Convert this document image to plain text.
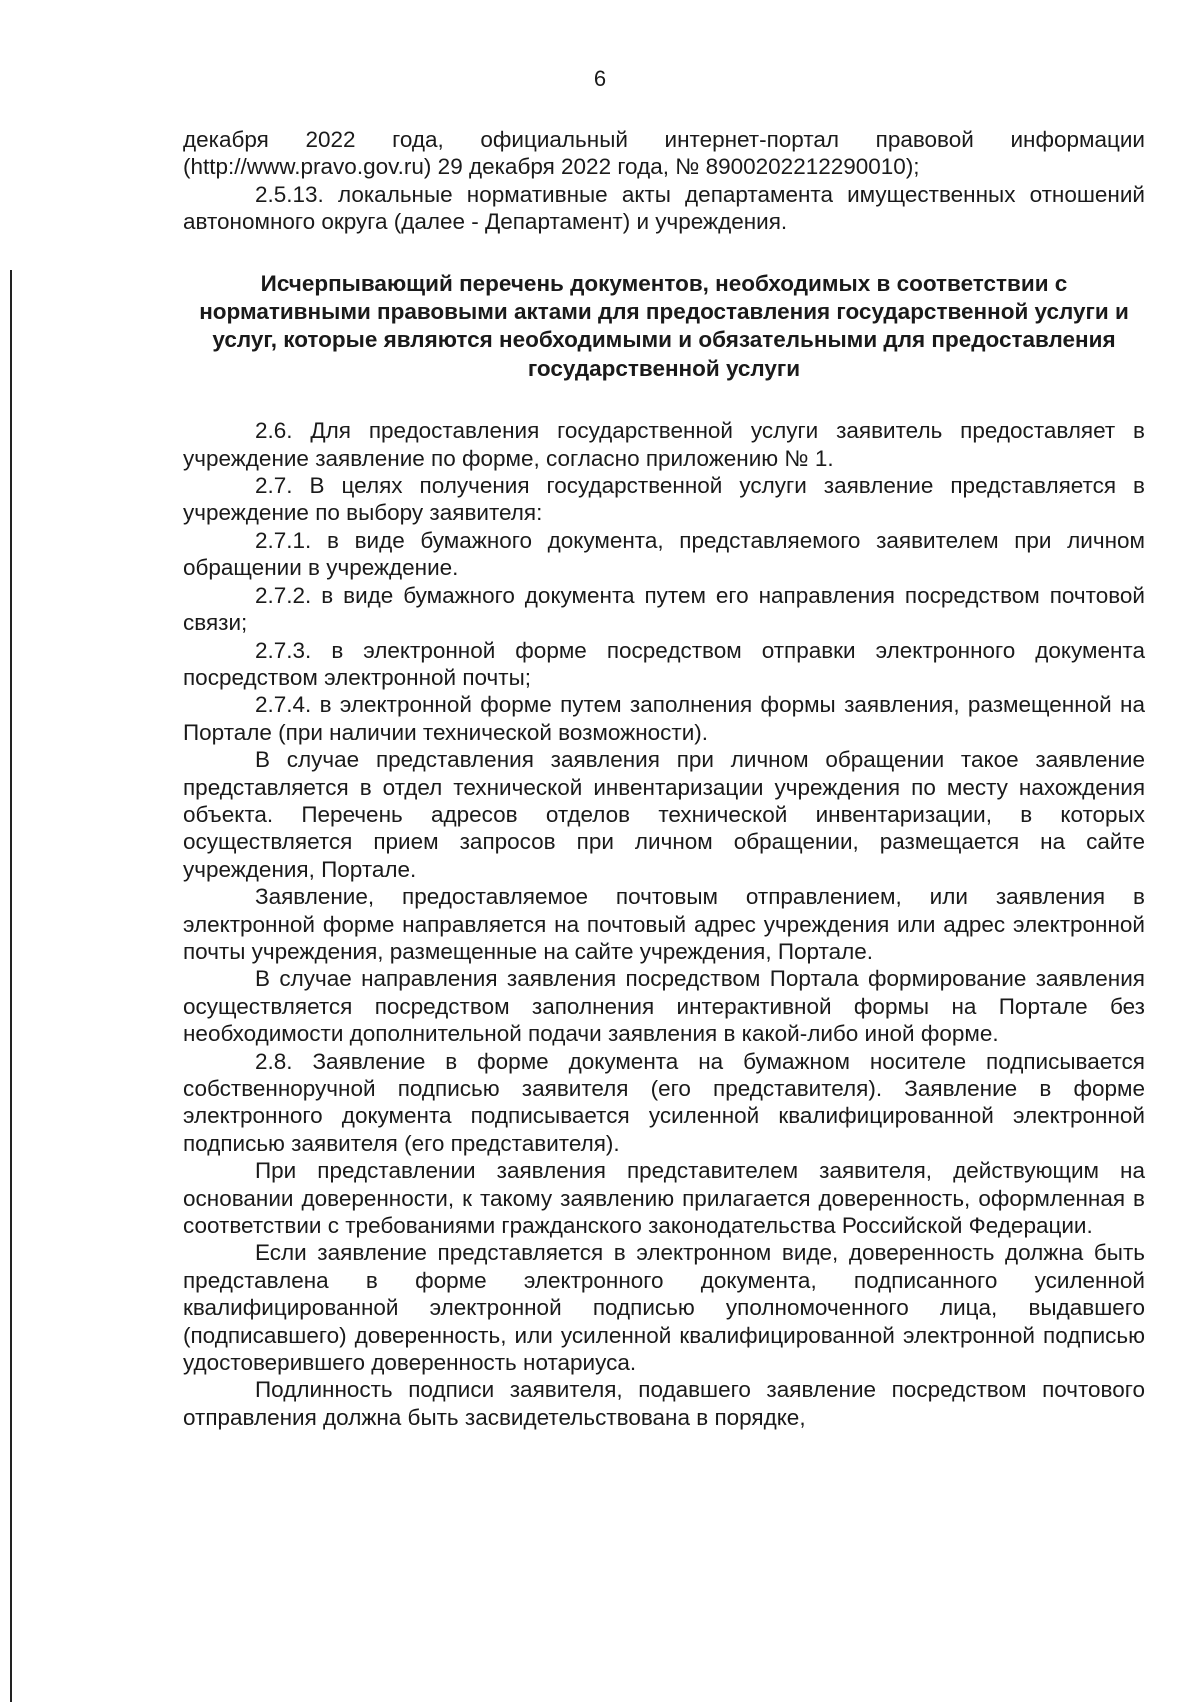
6

декабря 2022 года, официальный интернет-портал правовой информации (http://www.pravo.gov.ru) 29 декабря 2022 года, № 8900202212290010);

2.5.13. локальные нормативные акты департамента имущественных отношений автономного округа (далее - Департамент) и учреждения.

Исчерпывающий перечень документов, необходимых в соответствии с нормативными правовыми актами для предоставления государственной услуги и услуг, которые являются необходимыми и обязательными для предоставления государственной услуги

2.6. Для предоставления государственной услуги заявитель предоставляет в учреждение заявление по форме, согласно приложению № 1.

2.7. В целях получения государственной услуги заявление представляется в учреждение по выбору заявителя:

2.7.1. в виде бумажного документа, представляемого заявителем при личном обращении в учреждение.

2.7.2. в виде бумажного документа путем его направления посредством почтовой связи;

2.7.3. в электронной форме посредством отправки электронного документа посредством электронной почты;

2.7.4. в электронной форме путем заполнения формы заявления, размещенной на Портале (при наличии технической возможности).

В случае представления заявления при личном обращении такое заявление представляется в отдел технической инвентаризации учреждения по месту нахождения объекта. Перечень адресов отделов технической инвентаризации, в которых осуществляется прием запросов при личном обращении, размещается на сайте учреждения, Портале.

Заявление, предоставляемое почтовым отправлением, или заявления в электронной форме направляется на почтовый адрес учреждения или адрес электронной почты учреждения, размещенные на сайте учреждения, Портале.

В случае направления заявления посредством Портала формирование заявления осуществляется посредством заполнения интерактивной формы на Портале без необходимости дополнительной подачи заявления в какой-либо иной форме.

2.8. Заявление в форме документа на бумажном носителе подписывается собственноручной подписью заявителя (его представителя). Заявление в форме электронного документа подписывается усиленной квалифицированной электронной подписью заявителя (его представителя).

При представлении заявления представителем заявителя, действующим на основании доверенности, к такому заявлению прилагается доверенность, оформленная в соответствии с требованиями гражданского законодательства Российской Федерации.

Если заявление представляется в электронном виде, доверенность должна быть представлена в форме электронного документа, подписанного усиленной квалифицированной электронной подписью уполномоченного лица, выдавшего (подписавшего) доверенность, или усиленной квалифицированной электронной подписью удостоверившего доверенность нотариуса.

Подлинность подписи заявителя, подавшего заявление посредством почтового отправления должна быть засвидетельствована в порядке,
